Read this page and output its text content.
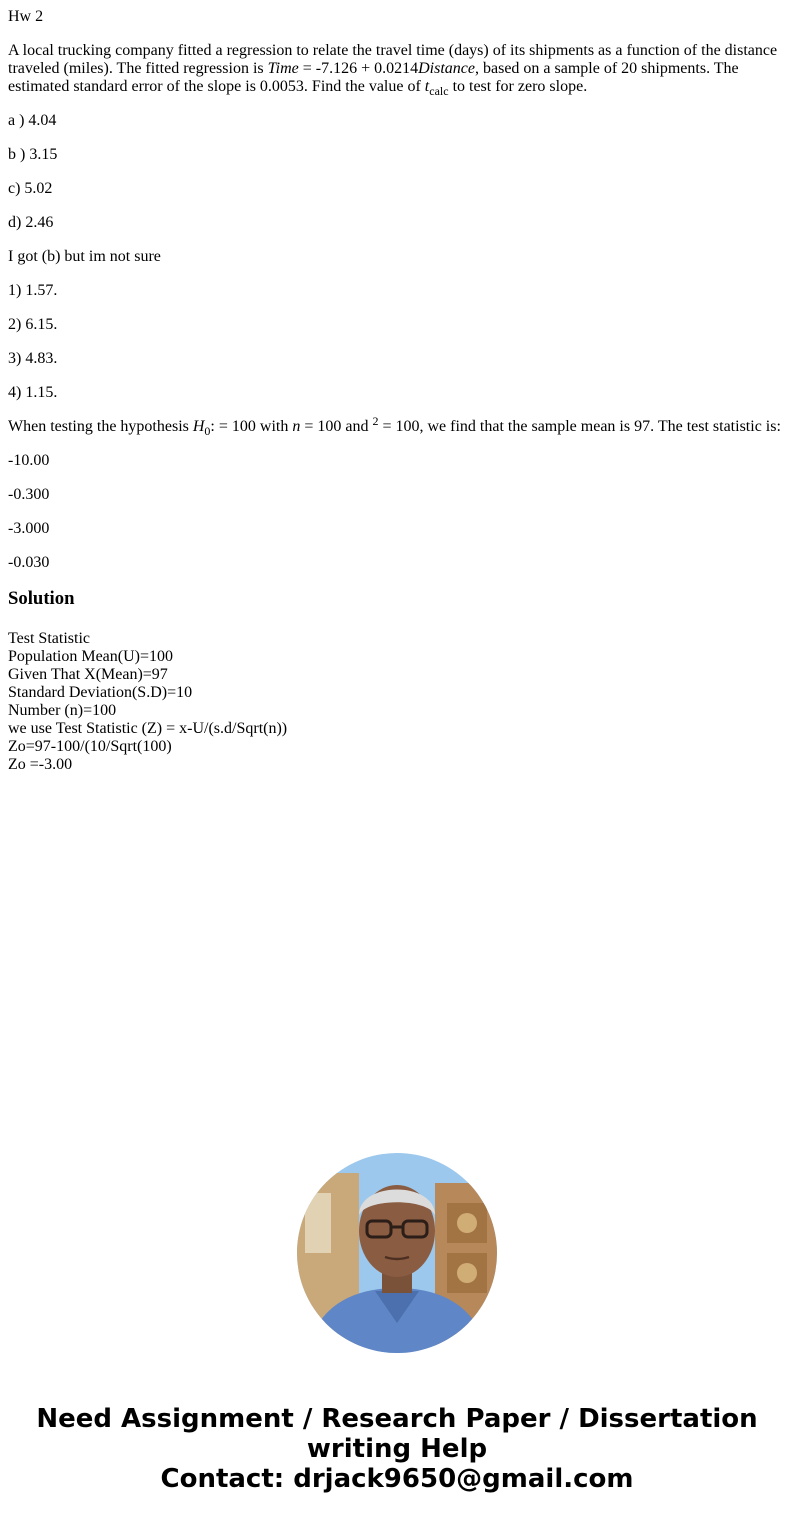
Hw 2

A local trucking company fitted a regression to relate the travel time (days) of its shipments as a function of the distance traveled (miles). The fitted regression is Time = -7.126 + 0.0214Distance, based on a sample of 20 shipments. The estimated standard error of the slope is 0.0053. Find the value of $t_{calc}$ to test for zero slope.

a ) 4.04
b ) 3.15
c) 5.02
d) 2.46
I got (b) but im not sure
1) 1.57.
2) 6.15.
3) 4.83.
4) 1.15.

When testing the hypothesis $H_0$: = 100 with n = 100 and $^2$ = 100, we find that the sample mean is 97. The test statistic is:

-10.00
-0.300
-3.000
-0.030
Solution
Test Statistic
Population Mean(U)=100
Given That X(Mean)=97
Standard Deviation(S.D)=10
Number (n)=100
we use Test Statistic (Z) = x-U/(s.d/Sqrt(n))
Zo=97-100/(10/Sqrt(100)
Zo =-3.00
Need Assignment / Research Paper / Dissertation
writing Help
Contact: drjack9650@gmail.com
